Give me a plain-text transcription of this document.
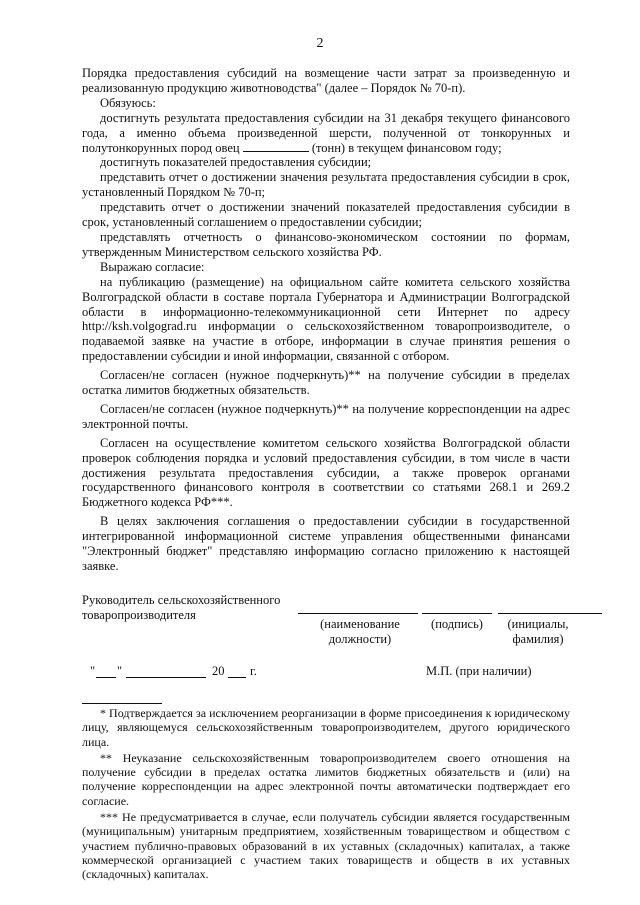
2

Порядка предоставления субсидий на возмещение части затрат за произведенную и реализованную продукцию животноводства" (далее – Порядок № 70-п).

Обязуюсь:

достигнуть результата предоставления субсидии на 31 декабря текущего финансового года, а именно объема произведенной шерсти, полученной от тонкорунных и полутонкорунных пород овец	(тонн) в текущем финансовом году;

достигнуть показателей предоставления субсидии;

представить отчет о достижении значения результата предоставления субсидии в срок, установленный Порядком № 70-п;

представить отчет о достижении значений показателей предоставления субсидии в срок, установленный соглашением о предоставлении субсидии;

представлять отчетность о финансово-экономическом состоянии по формам, утвержденным Министерством сельского хозяйства РФ.

Выражаю согласие:

на публикацию (размещение) на официальном сайте комитета сельского хозяйства Волгоградской области в составе портала Губернатора и Администрации Волгоградской области в информационно-телекоммуникационной сети Интернет по адресу http://ksh.volgograd.ru информации о сельскохозяйственном товаропроизводителе, о подаваемой заявке на участие в отборе, информации в случае принятия решения о предоставлении субсидии и иной информации, связанной с отбором.

Согласен/не согласен (нужное подчеркнуть)** на получение субсидии в пределах остатка лимитов бюджетных обязательств.

Согласен/не согласен (нужное подчеркнуть)** на получение корреспонденции на адрес электронной почты.

Согласен на осуществление комитетом сельского хозяйства Волгоградской области проверок соблюдения порядка и условий предоставления субсидии, в том числе в части достижения результата предоставления субсидии, а также проверок органами государственного финансового контроля в соответствии со статьями 268.1 и 269.2 Бюджетного кодекса РФ***.

В целях заключения соглашения о предоставлении субсидии в государственной интегрированной информационной системе управления общественными финансами "Электронный бюджет" представляю информацию согласно приложению к настоящей заявке.

Руководитель сельскохозяйственного товаропроизводителя
(наименование должности)
(подпись)	(инициалы, фамилия)
" "	20 г.	М.П. (при наличии)

* Подтверждается за исключением реорганизации в форме присоединения к юридическому лицу, являющемуся сельскохозяйственным товаропроизводителем, другого юридического лица.

** Неуказание сельскохозяйственным товаропроизводителем своего отношения на получение субсидии в пределах остатка лимитов бюджетных обязательств и (или) на получение корреспонденции на адрес электронной почты автоматически подтверждает его согласие.

*** Не предусматривается в случае, если получатель субсидии является государственным (муниципальным) унитарным предприятием, хозяйственным товариществом и обществом с участием публично-правовых образований в их уставных (складочных) капиталах, а также коммерческой организацией с участием таких товариществ и обществ в их уставных (складочных) капиталах.
